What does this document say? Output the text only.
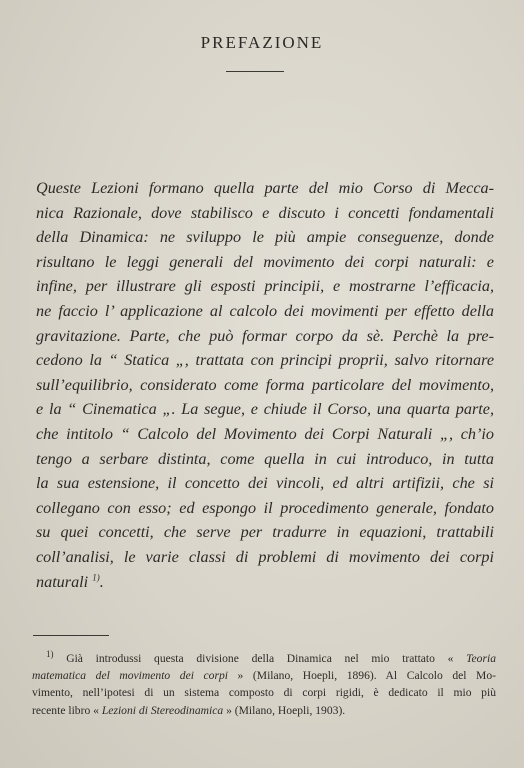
PREFAZIONE
Queste Lezioni formano quella parte del mio Corso di Mecca-
nica Razionale, dove stabilisco e discuto i concetti fondamentali
della Dinamica: ne sviluppo le più ampie conseguenze, donde
risultano le leggi generali del movimento dei corpi naturali: e
infine, per illustrare gli esposti principii, e mostrarne l’efficacia,
ne faccio l’ applicazione al calcolo dei movimenti per effetto della
gravitazione. Parte, che può formar corpo da sè. Perchè la pre-
cedono la “ Statica „, trattata con principi proprii, salvo ritornare
sull’equilibrio, considerato come forma particolare del movimento,
e la “ Cinematica „. La segue, e chiude il Corso, una quarta parte,
che intitolo “ Calcolo del Movimento dei Corpi Naturali „, ch’io
tengo a serbare distinta, come quella in cui introduco, in tutta
la sua estensione, il concetto dei vincoli, ed altri artifizii, che si
collegano con esso; ed espongo il procedimento generale, fondato
su quei concetti, che serve per tradurre in equazioni, trattabili
coll’analisi, le varie classi di problemi di movimento dei corpi
naturali $^{1)}$.
$^{1)}$ Già introdussi questa divisione della Dinamica nel mio trattato « Teoria
matematica del movimento dei corpi » (Milano, Hoepli, 1896). Al Calcolo del Mo-
vimento, nell’ipotesi di un sistema composto di corpi rigidi, è dedicato il mio più
recente libro « Lezioni di Stereodinamica » (Milano, Hoepli, 1903).
